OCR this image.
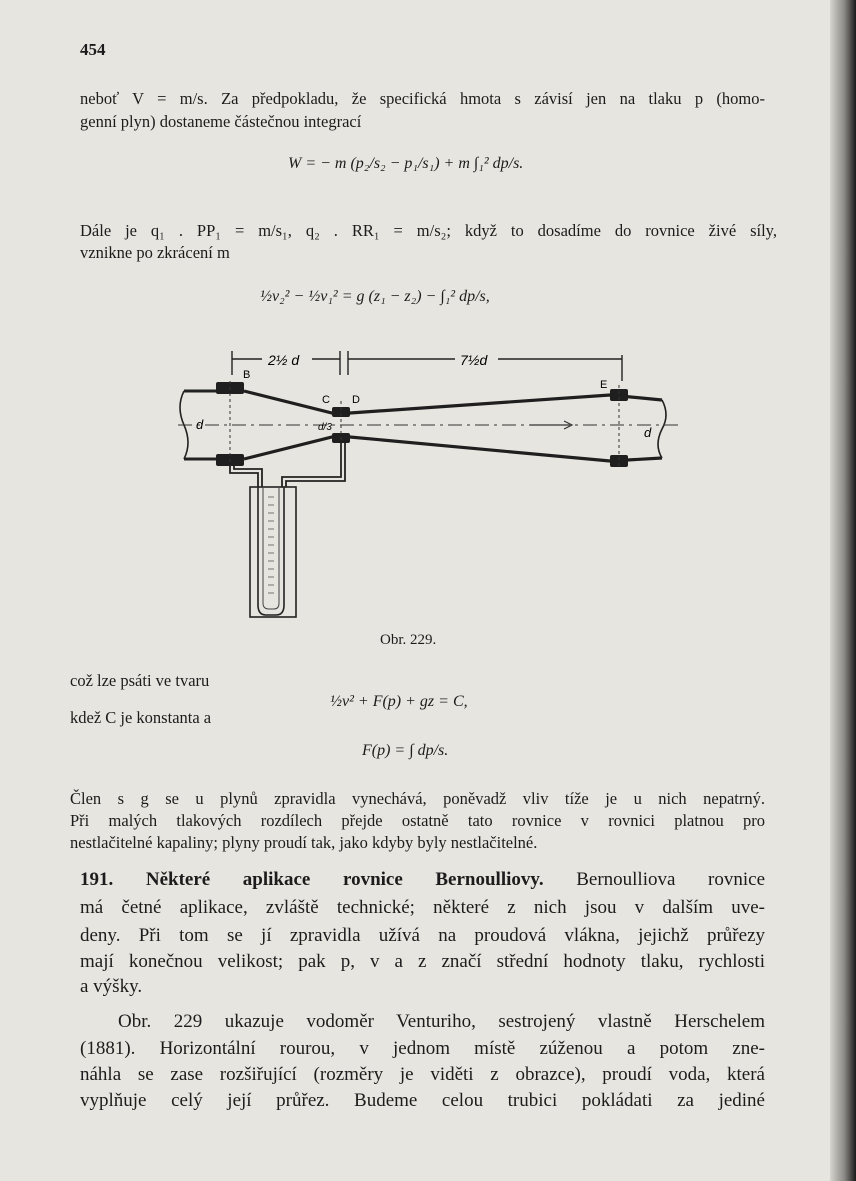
454
neboť V = m/s. Za předpokladu, že specifická hmota s závisí jen na tlaku p (homo-
genní plyn) dostaneme částečnou integrací
W = − m (p₂/s₂ − p₁/s₁) + m ∫₁² dp/s.
Dále je q₁ . PP₁ = m/s₁, q₂ . RR₁ = m/s₂; když to dosadíme do rovnice živé síly,
vznikne po zkrácení m
½v₂² − ½v₁² = g (z₁ − z₂) − ∫₁² dp/s,
2½ d	7½d
B
C D
E
d	d/3	d
Obr. 229.
což lze psáti ve tvaru
½v² + F(p) + gz = C,
kdež C je konstanta a
F(p) = ∫ dp/s.
Člen s g se u plynů zpravidla vynechává, poněvadž vliv tíže je u nich nepatrný.
Při malých tlakových rozdílech přejde ostatně tato rovnice v rovnici platnou pro
nestlačitelné kapaliny; plyny proudí tak, jako kdyby byly nestlačitelné.
191. Některé aplikace rovnice Bernoulliovy. Bernoulliova rovnice
má četné aplikace, zvláště technické; některé z nich jsou v dalším uve-
deny. Při tom se jí zpravidla užívá na proudová vlákna, jejichž průřezy
mají konečnou velikost; pak p, v a z značí střední hodnoty tlaku, rychlosti
a výšky.
Obr. 229 ukazuje vodoměr Venturiho, sestrojený vlastně Herschelem
(1881). Horizontální rourou, v jednom místě zúženou a potom zne-
náhla se zase rozšiřující (rozměry je viděti z obrazce), proudí voda, která
vyplňuje celý její průřez. Budeme celou trubici pokládati za jediné
